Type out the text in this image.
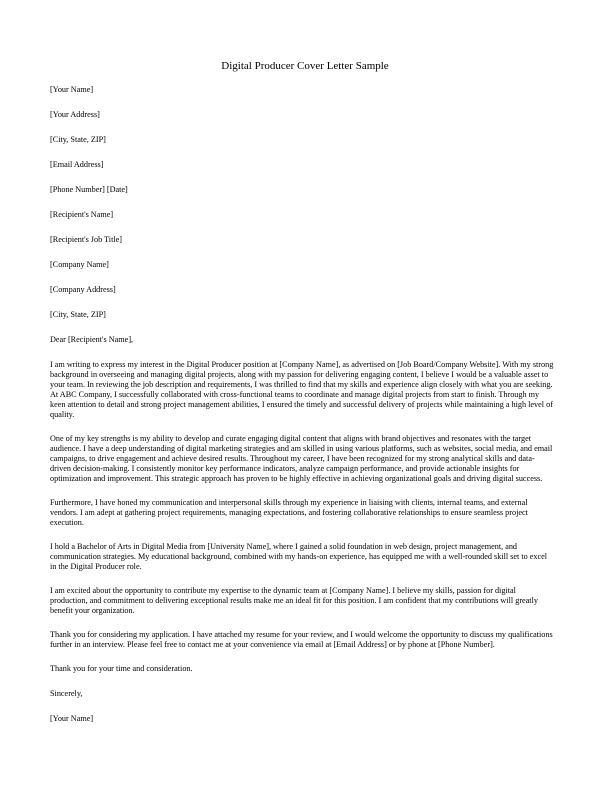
Digital Producer Cover Letter Sample
[Your Name]
[Your Address]
[City, State, ZIP]
[Email Address]
[Phone Number] [Date]
[Recipient's Name]
[Recipient's Job Title]
[Company Name]
[Company Address]
[City, State, ZIP]
Dear [Recipient's Name],

I am writing to express my interest in the Digital Producer position at [Company Name], as advertised on [Job Board/Company Website]. With my strong background in overseeing and managing digital projects, along with my passion for delivering engaging content, I believe I would be a valuable asset to your team. In reviewing the job description and requirements, I was thrilled to find that my skills and experience align closely with what you are seeking. At ABC Company, I successfully collaborated with cross-functional teams to coordinate and manage digital projects from start to finish. Through my keen attention to detail and strong project management abilities, I ensured the timely and successful delivery of projects while maintaining a high level of quality.

One of my key strengths is my ability to develop and curate engaging digital content that aligns with brand objectives and resonates with the target audience. I have a deep understanding of digital marketing strategies and am skilled in using various platforms, such as websites, social media, and email campaigns, to drive engagement and achieve desired results. Throughout my career, I have been recognized for my strong analytical skills and data-driven decision-making. I consistently monitor key performance indicators, analyze campaign performance, and provide actionable insights for optimization and improvement. This strategic approach has proven to be highly effective in achieving organizational goals and driving digital success.

Furthermore, I have honed my communication and interpersonal skills through my experience in liaising with clients, internal teams, and external vendors. I am adept at gathering project requirements, managing expectations, and fostering collaborative relationships to ensure seamless project execution.

I hold a Bachelor of Arts in Digital Media from [University Name], where I gained a solid foundation in web design, project management, and communication strategies. My educational background, combined with my hands-on experience, has equipped me with a well-rounded skill set to excel in the Digital Producer role.

I am excited about the opportunity to contribute my expertise to the dynamic team at [Company Name]. I believe my skills, passion for digital production, and commitment to delivering exceptional results make me an ideal fit for this position. I am confident that my contributions will greatly benefit your organization.

Thank you for considering my application. I have attached my resume for your review, and I would welcome the opportunity to discuss my qualifications further in an interview. Please feel free to contact me at your convenience via email at [Email Address] or by phone at [Phone Number].

Thank you for your time and consideration.

Sincerely,
[Your Name]
